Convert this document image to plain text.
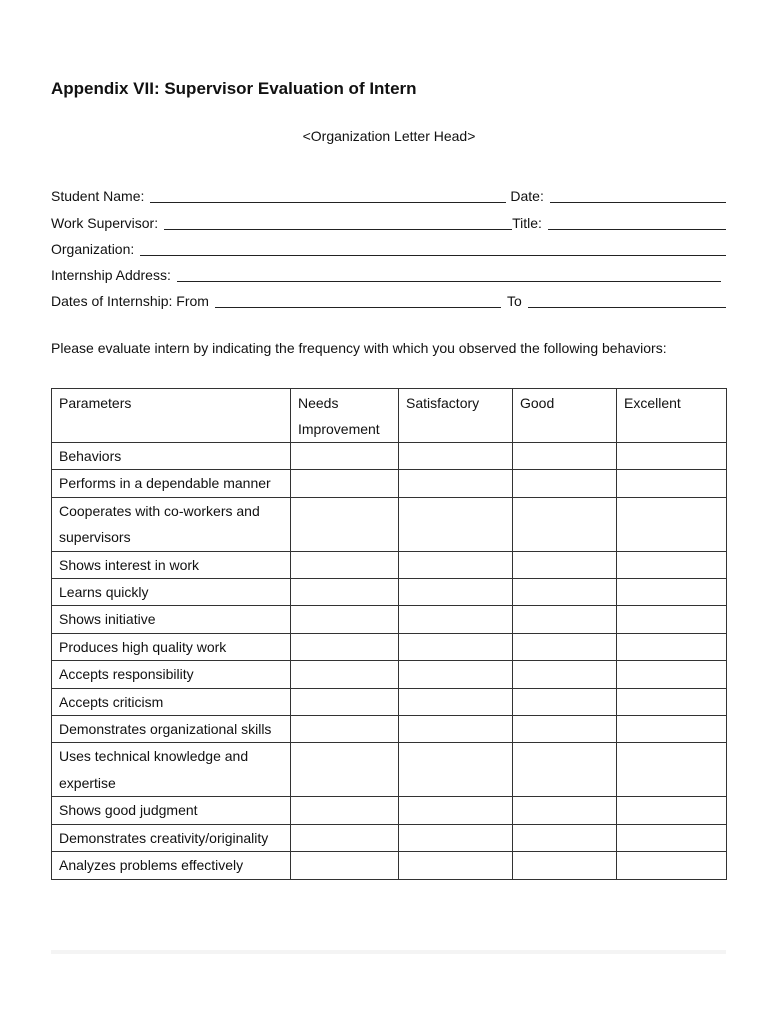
Appendix VII: Supervisor Evaluation of Intern
<Organization Letter Head>
Student Name:	Date:
Work Supervisor:	Title:
Organization:
Internship Address:
Dates of Internship: From	To

Please evaluate intern by indicating the frequency with which you observed the following behaviors:

Parameters	Needs Improvement	Satisfactory	Good	Excellent
Behaviors				
Performs in a dependable manner				
Cooperates with co-workers and supervisors				
Shows interest in work				
Learns quickly				
Shows initiative				
Produces high quality work				
Accepts responsibility				
Accepts criticism				
Demonstrates organizational skills				
Uses technical knowledge and expertise				
Shows good judgment				
Demonstrates creativity/originality				
Analyzes problems effectively				
